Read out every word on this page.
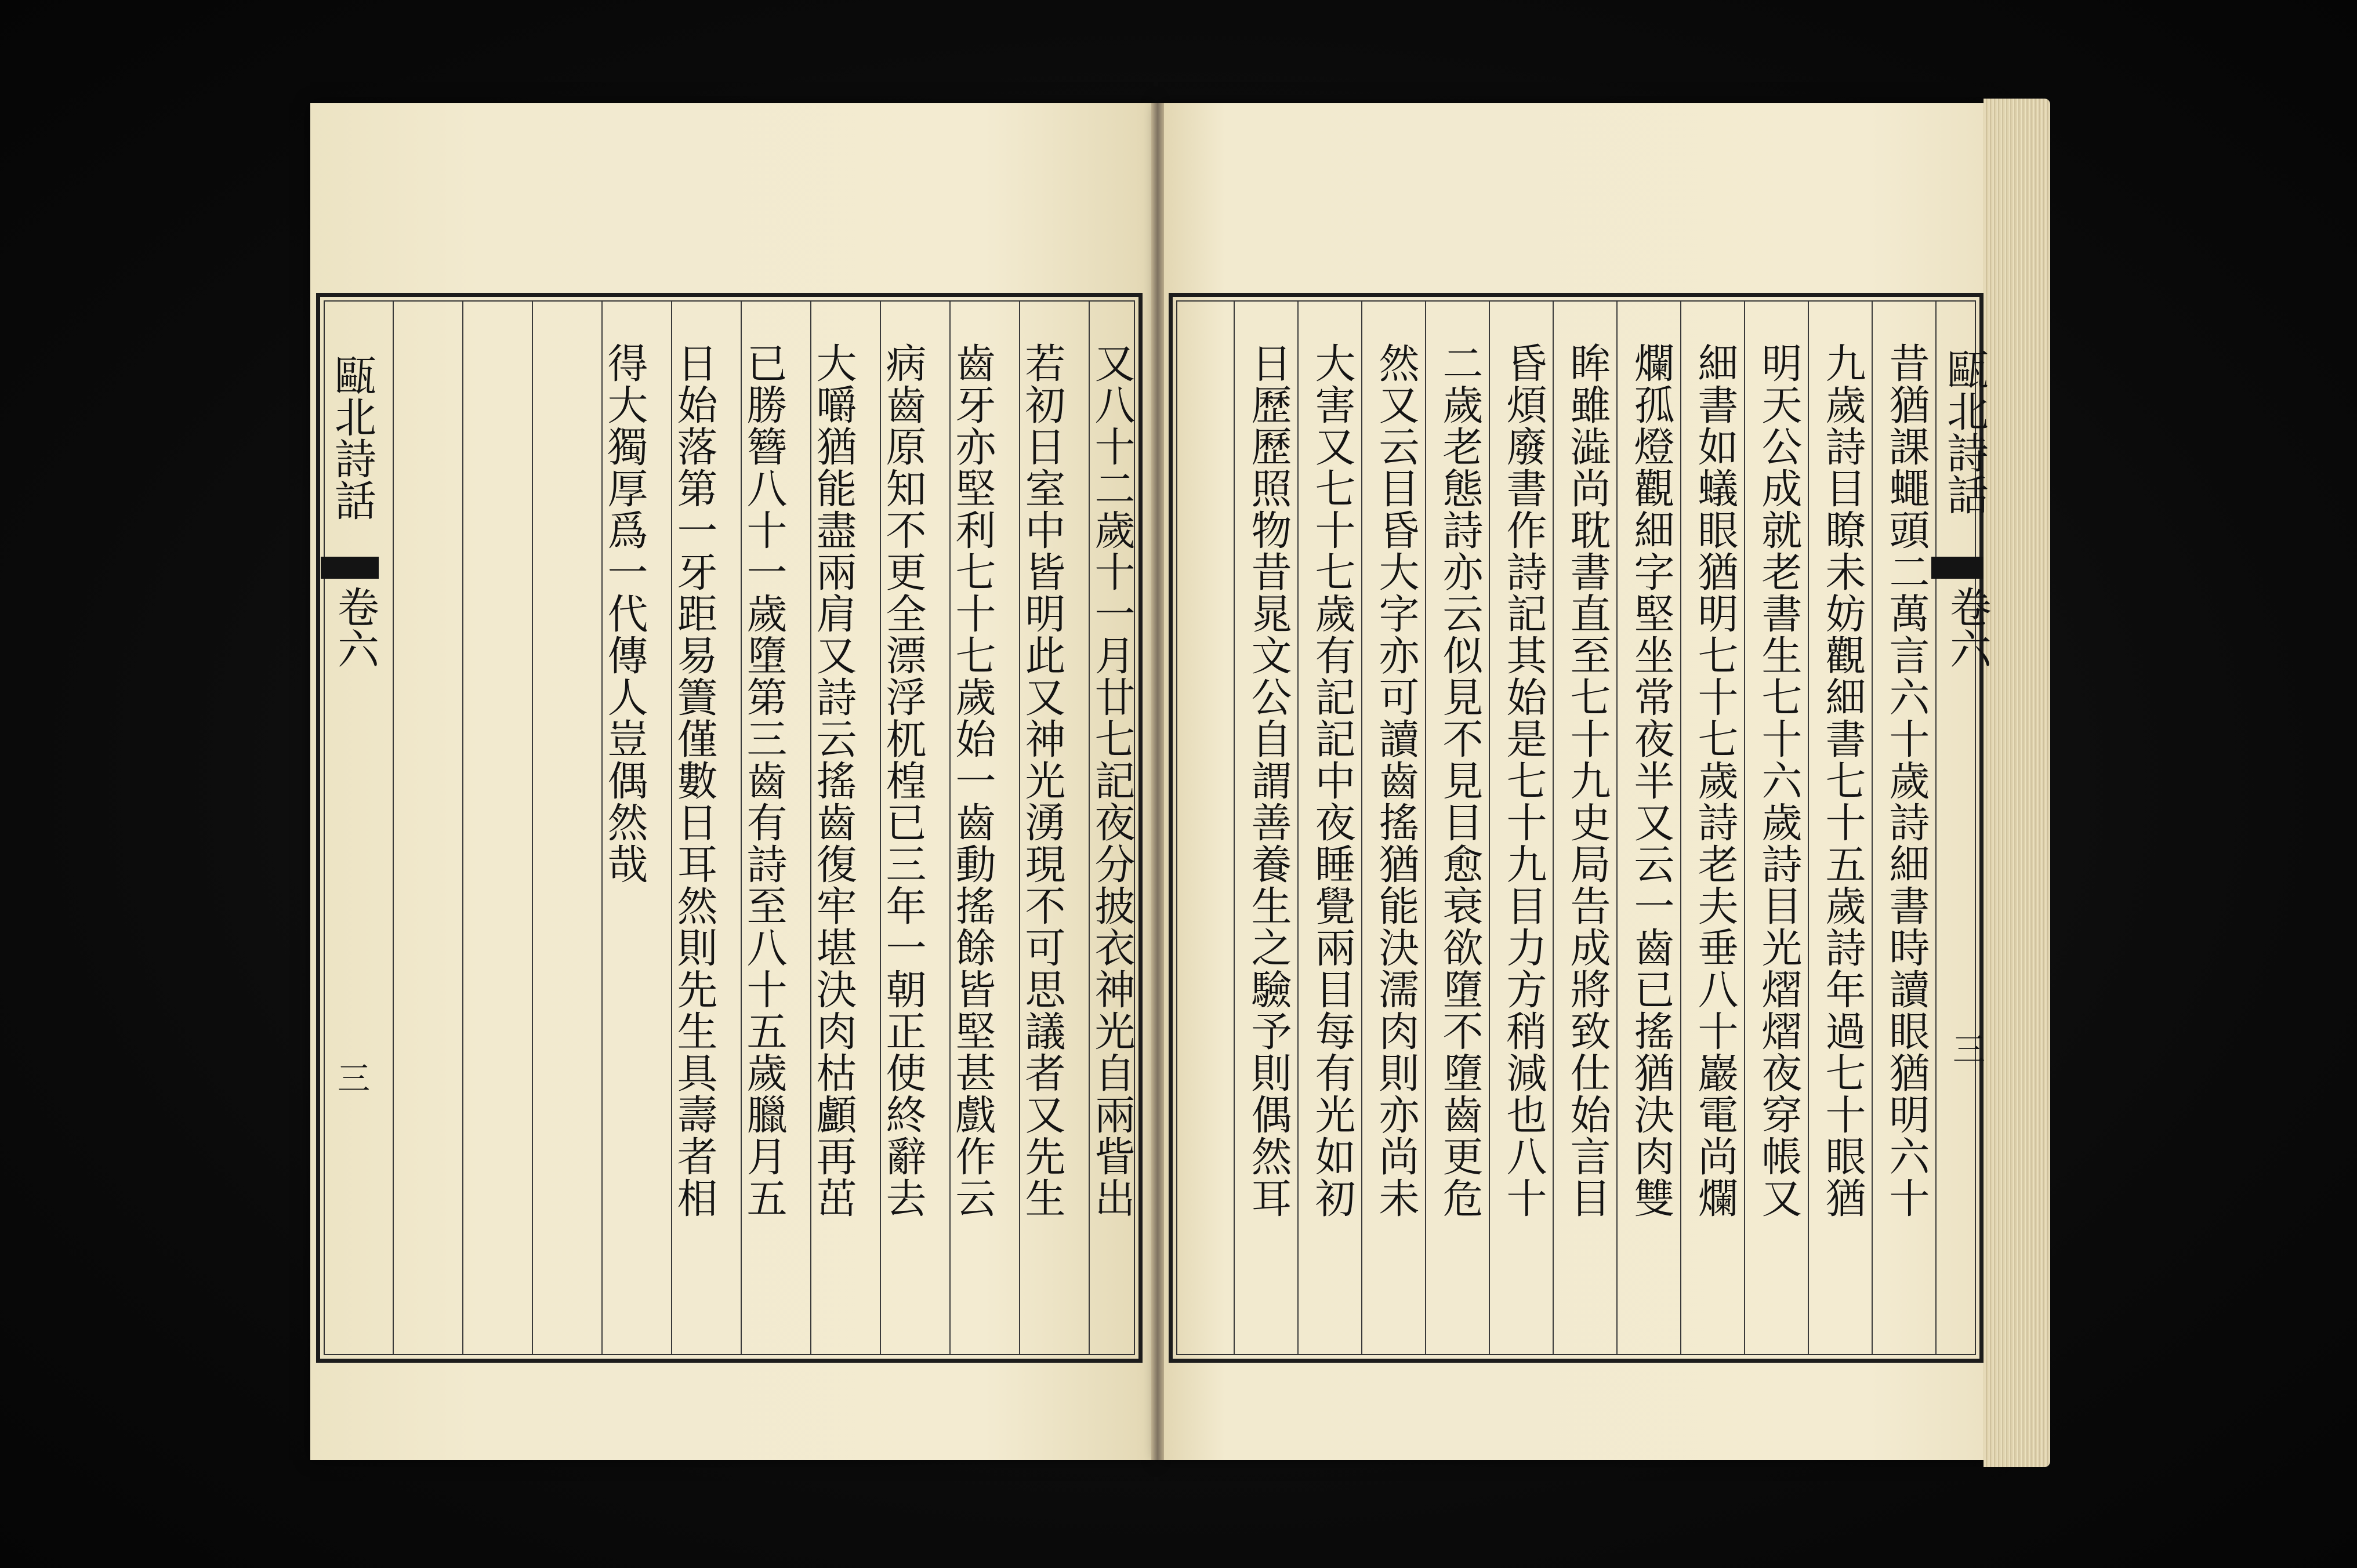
又八十二歲十一月廿七記夜分披衣神光自兩眥出
若初日室中皆明此又神光湧現不可思議者又先生
齒牙亦堅利七十七歲始一齒動搖餘皆堅甚戲作云
病齒原知不更全漂浮杌楻已三年一朝正使終辭去
大嚼猶能盡兩肩又詩云搖齒復牢堪決肉枯顱再茁
已勝簪八十一歲墮第三齒有詩至八十五歲臘月五
日始落第一牙距易簀僅數日耳然則先生具壽者相
得大獨厚爲一代傳人豈偶然哉
甌北詩話
卷六
三	昔猶課蠅頭二萬言六十歲詩細書時讀眼猶明六十
九歲詩目瞭未妨觀細書七十五歲詩年過七十眼猶
明天公成就老書生七十六歲詩目光熠熠夜穿帳又
細書如蟻眼猶明七十七歲詩老夫垂八十巖電尚爛
爛孤燈觀細字堅坐常夜半又云一齒已搖猶決肉雙
眸雖澁尚耽書直至七十九史局告成將致仕始言目
昏煩廢書作詩記其始是七十九目力方稍減也八十
二歲老態詩亦云似見不見目愈衰欲墮不墮齒更危
然又云目昏大字亦可讀齒搖猶能決濡肉則亦尚未
大害又七十七歲有記記中夜睡覺兩目每有光如初
日歷歷照物昔晁文公自謂善養生之驗予則偶然耳	甌北詩話
卷六
三
